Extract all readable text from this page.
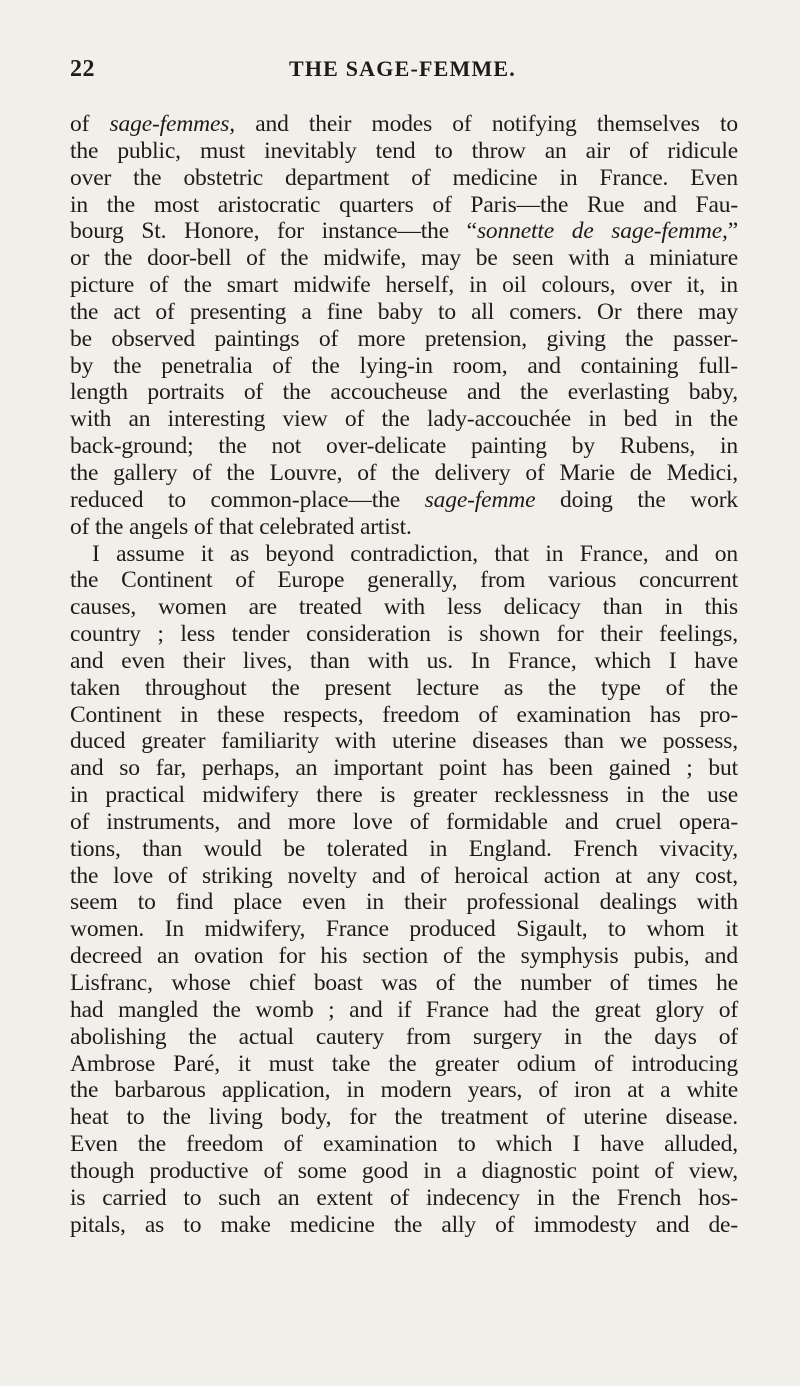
22	THE SAGE-FEMME.
of sage-femmes, and their modes of notifying themselves to
the public, must inevitably tend to throw an air of ridicule
over the obstetric department of medicine in France. Even
in the most aristocratic quarters of Paris—the Rue and Fau-
bourg St. Honore, for instance—the “sonnette de sage-femme,”
or the door-bell of the midwife, may be seen with a miniature
picture of the smart midwife herself, in oil colours, over it, in
the act of presenting a fine baby to all comers. Or there may
be observed paintings of more pretension, giving the passer-
by the penetralia of the lying-in room, and containing full-
length portraits of the accoucheuse and the everlasting baby,
with an interesting view of the lady-accouchée in bed in the
back-ground; the not over-delicate painting by Rubens, in
the gallery of the Louvre, of the delivery of Marie de Medici,
reduced to common-place—the sage-femme doing the work
of the angels of that celebrated artist.
I assume it as beyond contradiction, that in France, and on
the Continent of Europe generally, from various concurrent
causes, women are treated with less delicacy than in this
country ; less tender consideration is shown for their feelings,
and even their lives, than with us. In France, which I have
taken throughout the present lecture as the type of the
Continent in these respects, freedom of examination has pro-
duced greater familiarity with uterine diseases than we possess,
and so far, perhaps, an important point has been gained ; but
in practical midwifery there is greater recklessness in the use
of instruments, and more love of formidable and cruel opera-
tions, than would be tolerated in England. French vivacity,
the love of striking novelty and of heroical action at any cost,
seem to find place even in their professional dealings with
women. In midwifery, France produced Sigault, to whom it
decreed an ovation for his section of the symphysis pubis, and
Lisfranc, whose chief boast was of the number of times he
had mangled the womb ; and if France had the great glory of
abolishing the actual cautery from surgery in the days of
Ambrose Paré, it must take the greater odium of introducing
the barbarous application, in modern years, of iron at a white
heat to the living body, for the treatment of uterine disease.
Even the freedom of examination to which I have alluded,
though productive of some good in a diagnostic point of view,
is carried to such an extent of indecency in the French hos-
pitals, as to make medicine the ally of immodesty and de-
